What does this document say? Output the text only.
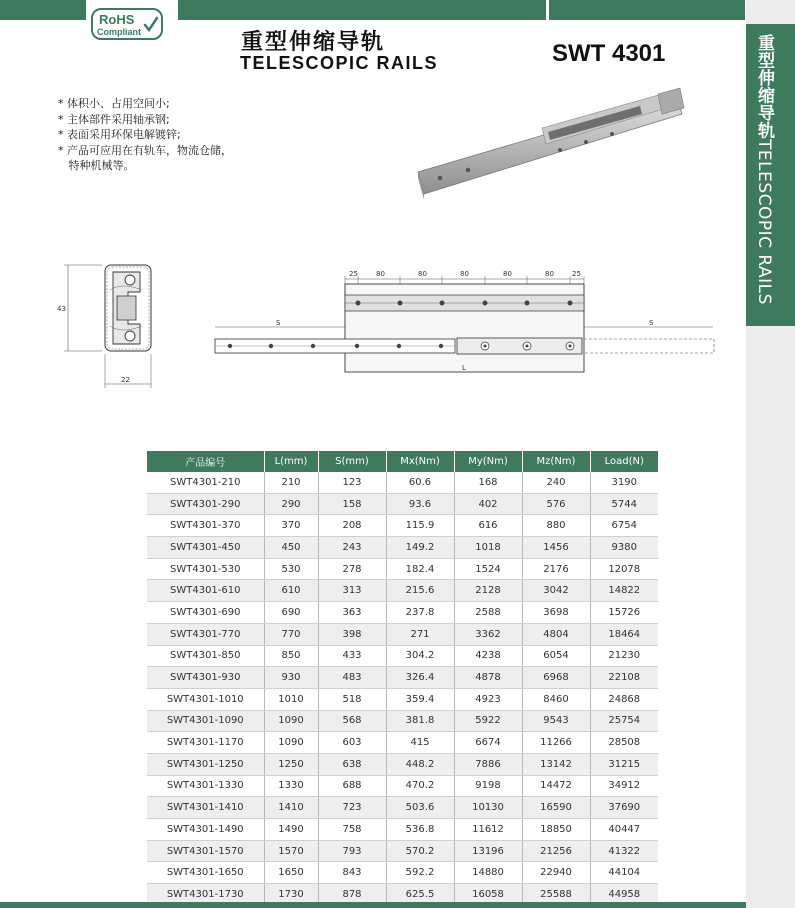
重型伸缩导轨TELESCOPIC RAILS
RoHS
Compliant	重型伸缩导轨
TELESCOPIC RAILS	SWT 4301
* 体积小、占用空间小;
* 主体部件采用轴承钢;
* 表面采用环保电解镀锌;
* 产品可应用在有轨车，物流仓储，
特种机械等。
43
22
25	80	80	80	80	80	25
S	S
L
产品编号	L(mm)	S(mm)	Mx(Nm)	My(Nm)	Mz(Nm)	Load(N)
SWT4301-210	210	123	60.6	168	240	3190
SWT4301-290	290	158	93.6	402	576	5744
SWT4301-370	370	208	115.9	616	880	6754
SWT4301-450	450	243	149.2	1018	1456	9380
SWT4301-530	530	278	182.4	1524	2176	12078
SWT4301-610	610	313	215.6	2128	3042	14822
SWT4301-690	690	363	237.8	2588	3698	15726
SWT4301-770	770	398	271	3362	4804	18464
SWT4301-850	850	433	304.2	4238	6054	21230
SWT4301-930	930	483	326.4	4878	6968	22108
SWT4301-1010	1010	518	359.4	4923	8460	24868
SWT4301-1090	1090	568	381.8	5922	9543	25754
SWT4301-1170	1090	603	415	6674	11266	28508
SWT4301-1250	1250	638	448.2	7886	13142	31215
SWT4301-1330	1330	688	470.2	9198	14472	34912
SWT4301-1410	1410	723	503.6	10130	16590	37690
SWT4301-1490	1490	758	536.8	11612	18850	40447
SWT4301-1570	1570	793	570.2	13196	21256	41322
SWT4301-1650	1650	843	592.2	14880	22940	44104
SWT4301-1730	1730	878	625.5	16058	25588	44958
